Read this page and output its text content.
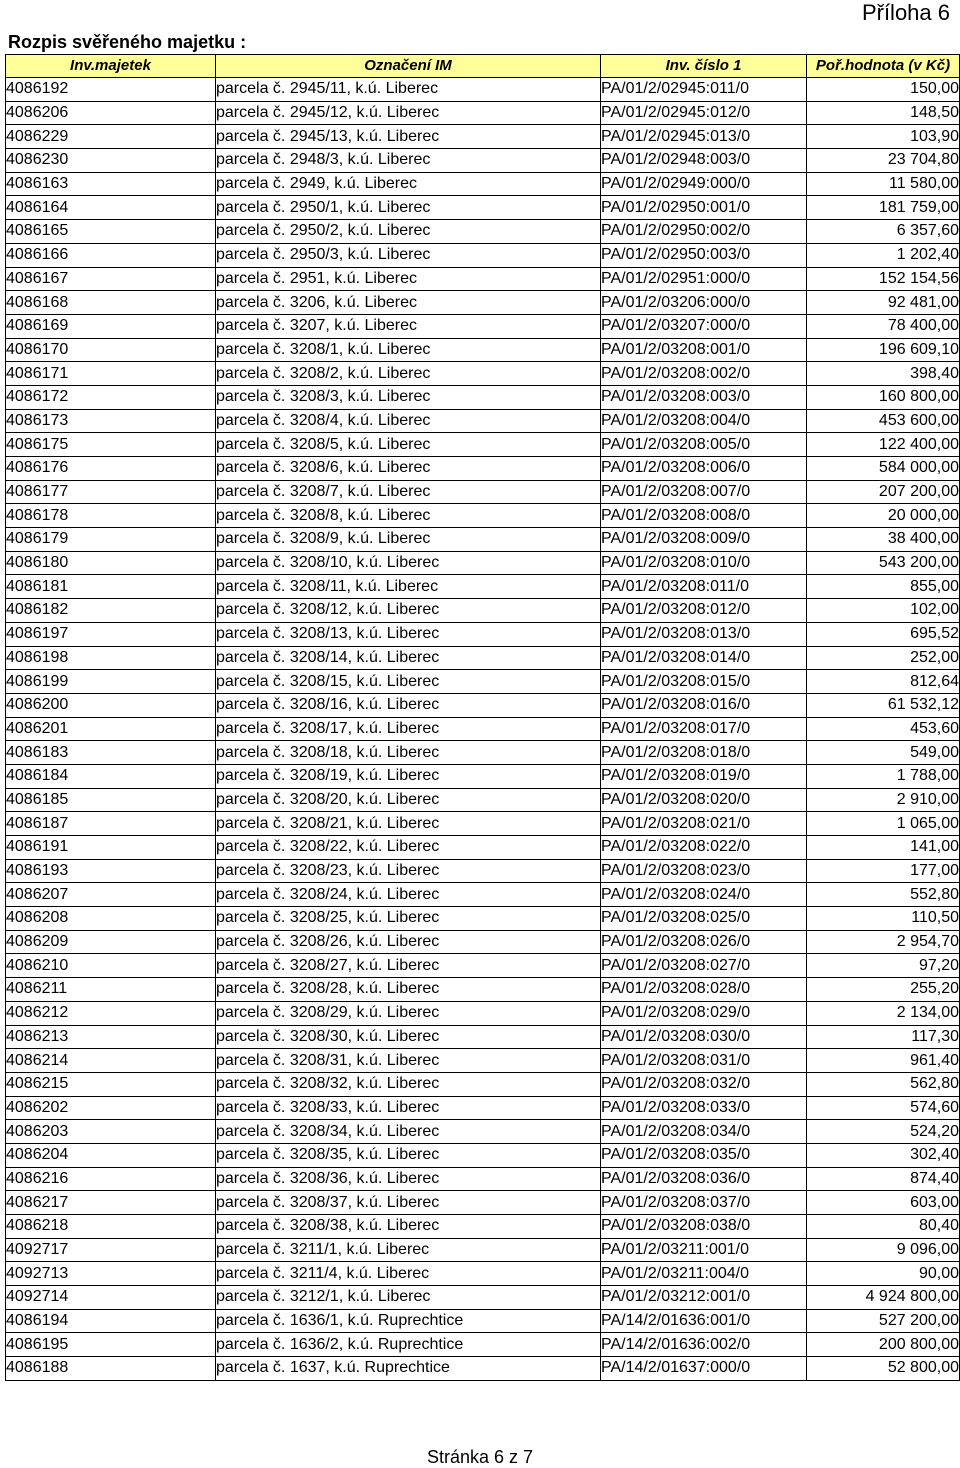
Příloha 6
Rozpis svěřeného majetku :
Inv.majetek	Označení IM	Inv. číslo 1	Poř.hodnota (v Kč)
4086192	parcela č. 2945/11, k.ú. Liberec	PA/01/2/02945:011/0	150,00
4086206	parcela č. 2945/12, k.ú. Liberec	PA/01/2/02945:012/0	148,50
4086229	parcela č. 2945/13, k.ú. Liberec	PA/01/2/02945:013/0	103,90
4086230	parcela č. 2948/3, k.ú. Liberec	PA/01/2/02948:003/0	23 704,80
4086163	parcela č. 2949, k.ú. Liberec	PA/01/2/02949:000/0	11 580,00
4086164	parcela č. 2950/1, k.ú. Liberec	PA/01/2/02950:001/0	181 759,00
4086165	parcela č. 2950/2, k.ú. Liberec	PA/01/2/02950:002/0	6 357,60
4086166	parcela č. 2950/3, k.ú. Liberec	PA/01/2/02950:003/0	1 202,40
4086167	parcela č. 2951, k.ú. Liberec	PA/01/2/02951:000/0	152 154,56
4086168	parcela č. 3206, k.ú. Liberec	PA/01/2/03206:000/0	92 481,00
4086169	parcela č. 3207, k.ú. Liberec	PA/01/2/03207:000/0	78 400,00
4086170	parcela č. 3208/1, k.ú. Liberec	PA/01/2/03208:001/0	196 609,10
4086171	parcela č. 3208/2, k.ú. Liberec	PA/01/2/03208:002/0	398,40
4086172	parcela č. 3208/3, k.ú. Liberec	PA/01/2/03208:003/0	160 800,00
4086173	parcela č. 3208/4, k.ú. Liberec	PA/01/2/03208:004/0	453 600,00
4086175	parcela č. 3208/5, k.ú. Liberec	PA/01/2/03208:005/0	122 400,00
4086176	parcela č. 3208/6, k.ú. Liberec	PA/01/2/03208:006/0	584 000,00
4086177	parcela č. 3208/7, k.ú. Liberec	PA/01/2/03208:007/0	207 200,00
4086178	parcela č. 3208/8, k.ú. Liberec	PA/01/2/03208:008/0	20 000,00
4086179	parcela č. 3208/9, k.ú. Liberec	PA/01/2/03208:009/0	38 400,00
4086180	parcela č. 3208/10, k.ú. Liberec	PA/01/2/03208:010/0	543 200,00
4086181	parcela č. 3208/11, k.ú. Liberec	PA/01/2/03208:011/0	855,00
4086182	parcela č. 3208/12, k.ú. Liberec	PA/01/2/03208:012/0	102,00
4086197	parcela č. 3208/13, k.ú. Liberec	PA/01/2/03208:013/0	695,52
4086198	parcela č. 3208/14, k.ú. Liberec	PA/01/2/03208:014/0	252,00
4086199	parcela č. 3208/15, k.ú. Liberec	PA/01/2/03208:015/0	812,64
4086200	parcela č. 3208/16, k.ú. Liberec	PA/01/2/03208:016/0	61 532,12
4086201	parcela č. 3208/17, k.ú. Liberec	PA/01/2/03208:017/0	453,60
4086183	parcela č. 3208/18, k.ú. Liberec	PA/01/2/03208:018/0	549,00
4086184	parcela č. 3208/19, k.ú. Liberec	PA/01/2/03208:019/0	1 788,00
4086185	parcela č. 3208/20, k.ú. Liberec	PA/01/2/03208:020/0	2 910,00
4086187	parcela č. 3208/21, k.ú. Liberec	PA/01/2/03208:021/0	1 065,00
4086191	parcela č. 3208/22, k.ú. Liberec	PA/01/2/03208:022/0	141,00
4086193	parcela č. 3208/23, k.ú. Liberec	PA/01/2/03208:023/0	177,00
4086207	parcela č. 3208/24, k.ú. Liberec	PA/01/2/03208:024/0	552,80
4086208	parcela č. 3208/25, k.ú. Liberec	PA/01/2/03208:025/0	110,50
4086209	parcela č. 3208/26, k.ú. Liberec	PA/01/2/03208:026/0	2 954,70
4086210	parcela č. 3208/27, k.ú. Liberec	PA/01/2/03208:027/0	97,20
4086211	parcela č. 3208/28, k.ú. Liberec	PA/01/2/03208:028/0	255,20
4086212	parcela č. 3208/29, k.ú. Liberec	PA/01/2/03208:029/0	2 134,00
4086213	parcela č. 3208/30, k.ú. Liberec	PA/01/2/03208:030/0	117,30
4086214	parcela č. 3208/31, k.ú. Liberec	PA/01/2/03208:031/0	961,40
4086215	parcela č. 3208/32, k.ú. Liberec	PA/01/2/03208:032/0	562,80
4086202	parcela č. 3208/33, k.ú. Liberec	PA/01/2/03208:033/0	574,60
4086203	parcela č. 3208/34, k.ú. Liberec	PA/01/2/03208:034/0	524,20
4086204	parcela č. 3208/35, k.ú. Liberec	PA/01/2/03208:035/0	302,40
4086216	parcela č. 3208/36, k.ú. Liberec	PA/01/2/03208:036/0	874,40
4086217	parcela č. 3208/37, k.ú. Liberec	PA/01/2/03208:037/0	603,00
4086218	parcela č. 3208/38, k.ú. Liberec	PA/01/2/03208:038/0	80,40
4092717	parcela č. 3211/1, k.ú. Liberec	PA/01/2/03211:001/0	9 096,00
4092713	parcela č. 3211/4, k.ú. Liberec	PA/01/2/03211:004/0	90,00
4092714	parcela č. 3212/1, k.ú. Liberec	PA/01/2/03212:001/0	4 924 800,00
4086194	parcela č. 1636/1, k.ú. Ruprechtice	PA/14/2/01636:001/0	527 200,00
4086195	parcela č. 1636/2, k.ú. Ruprechtice	PA/14/2/01636:002/0	200 800,00
4086188	parcela č. 1637, k.ú. Ruprechtice	PA/14/2/01637:000/0	52 800,00
Stránka 6 z 7
